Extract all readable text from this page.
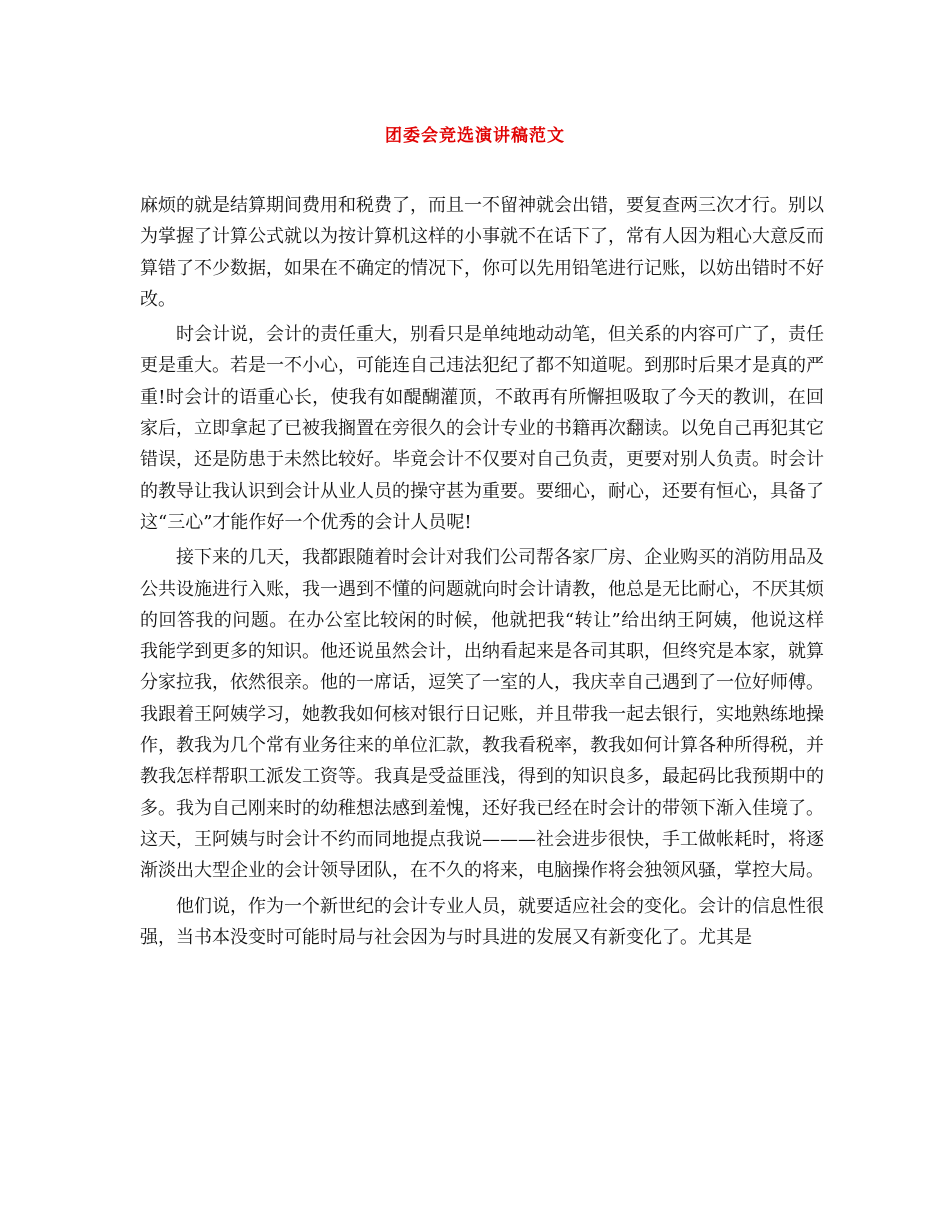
团委会竞选演讲稿范文

麻烦的就是结算期间费用和税费了，而且一不留神就会出错，要复查两三次才行。别以为掌握了计算公式就以为按计算机这样的小事就不在话下了，常有人因为粗心大意反而算错了不少数据，如果在不确定的情况下，你可以先用铅笔进行记账，以妨出错时不好改。

时会计说，会计的责任重大，别看只是单纯地动动笔，但关系的内容可广了，责任更是重大。若是一不小心，可能连自己违法犯纪了都不知道呢。到那时后果才是真的严重!时会计的语重心长，使我有如醍醐灌顶，不敢再有所懈担吸取了今天的教训，在回家后，立即拿起了已被我搁置在旁很久的会计专业的书籍再次翻读。以免自己再犯其它错误，还是防患于未然比较好。毕竟会计不仅要对自己负责，更要对别人负责。时会计的教导让我认识到会计从业人员的操守甚为重要。要细心，耐心，还要有恒心，具备了这“三心”才能作好一个优秀的会计人员呢!

接下来的几天，我都跟随着时会计对我们公司帮各家厂房、企业购买的消防用品及公共设施进行入账，我一遇到不懂的问题就向时会计请教，他总是无比耐心，不厌其烦的回答我的问题。在办公室比较闲的时候，他就把我“转让”给出纳王阿姨，他说这样我能学到更多的知识。他还说虽然会计，出纳看起来是各司其职，但终究是本家，就算分家拉我，依然很亲。他的一席话，逗笑了一室的人，我庆幸自己遇到了一位好师傅。我跟着王阿姨学习，她教我如何核对银行日记账，并且带我一起去银行，实地熟练地操作，教我为几个常有业务往来的单位汇款，教我看税率，教我如何计算各种所得税，并教我怎样帮职工派发工资等。我真是受益匪浅，得到的知识良多，最起码比我预期中的多。我为自己刚来时的幼稚想法感到羞愧，还好我已经在时会计的带领下渐入佳境了。这天，王阿姨与时会计不约而同地提点我说———社会进步很快，手工做帐耗时，将逐渐淡出大型企业的会计领导团队，在不久的将来，电脑操作将会独领风骚，掌控大局。

他们说，作为一个新世纪的会计专业人员，就要适应社会的变化。会计的信息性很强，当书本没变时可能时局与社会因为与时具进的发展又有新变化了。尤其是
